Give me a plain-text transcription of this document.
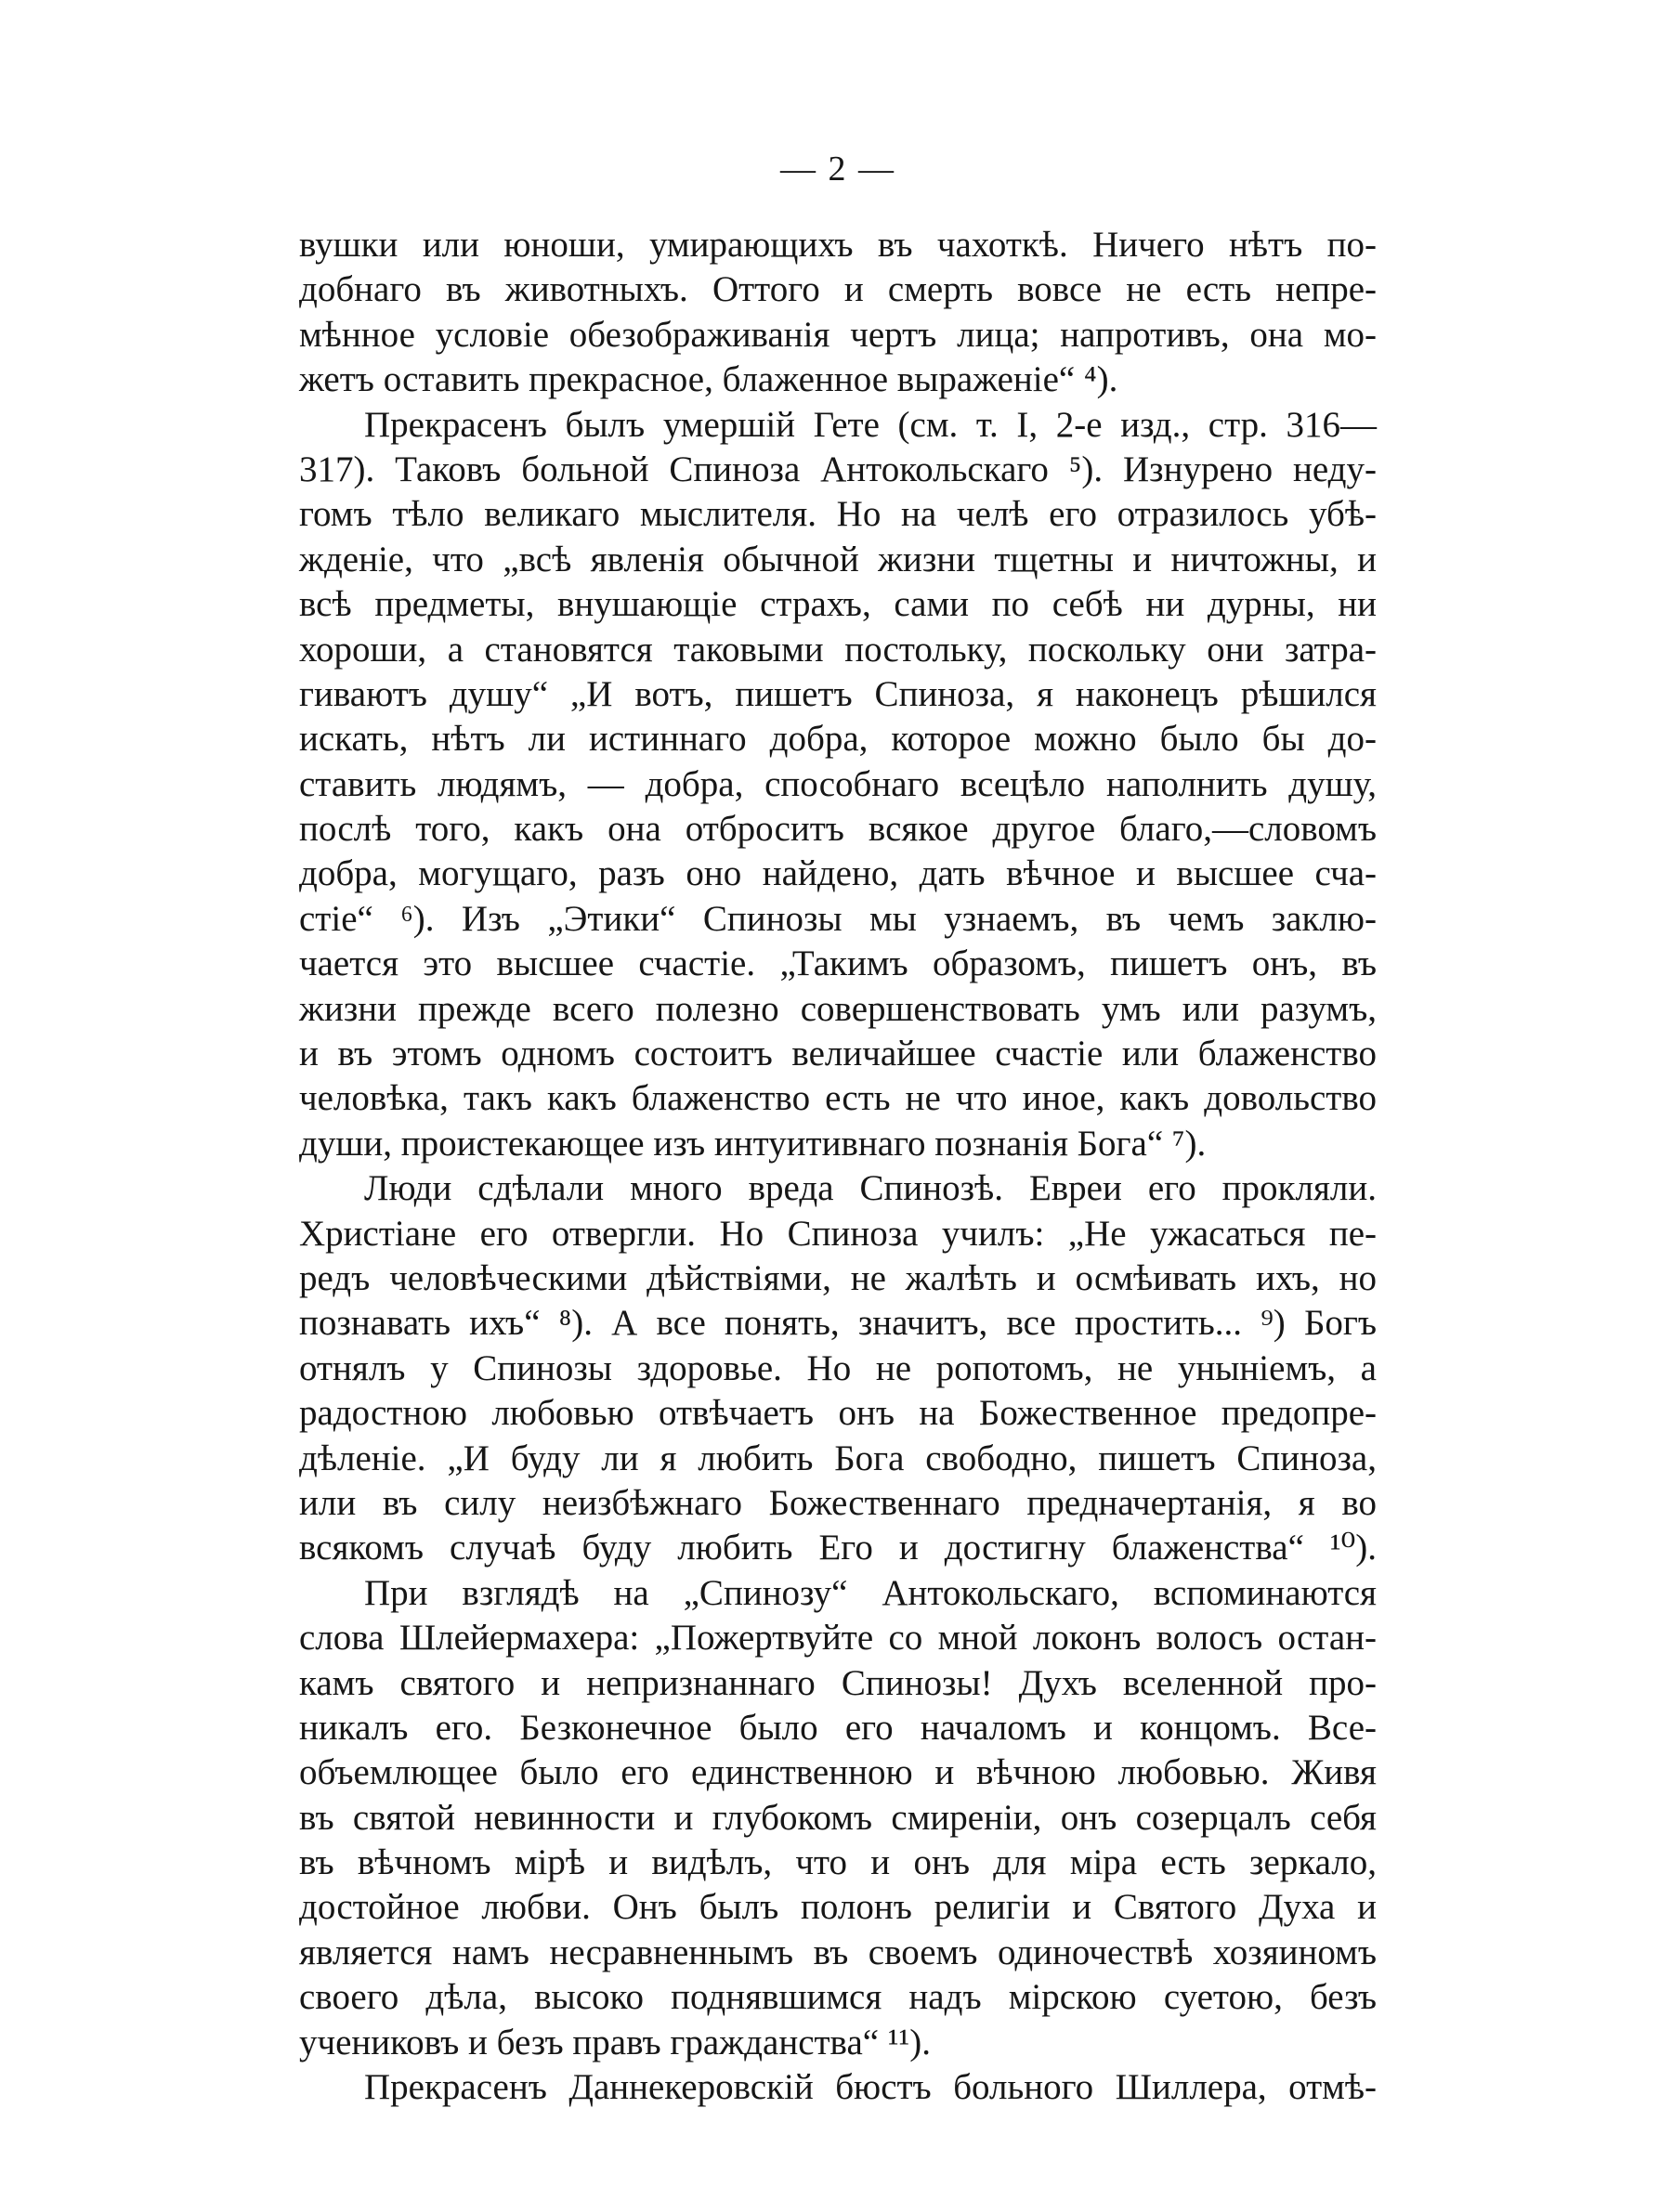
— 2 —
вушки или юноши, умирающихъ въ чахоткѣ. Ничего нѣтъ по-
добнаго въ животныхъ. Оттого и смерть вовсе не есть непре-
мѣнное условіе обезображиванія чертъ лица; напротивъ, она мо-
жетъ оставить прекрасное, блаженное выраженіе“ ⁴).
Прекрасенъ былъ умершій Гете (см. т. I, 2-е изд., стр. 316—
317). Таковъ больной Спиноза Антокольскаго ⁵). Изнурено неду-
гомъ тѣло великаго мыслителя. Но на челѣ его отразилось убѣ-
жденіе, что „всѣ явленія обычной жизни тщетны и ничтожны, и
всѣ предметы, внушающіе страхъ, сами по себѣ ни дурны, ни
хороши, а становятся таковыми постольку, поскольку они затра-
гиваютъ душу“ „И вотъ, пишетъ Спиноза, я наконецъ рѣшился
искать, нѣтъ ли истиннаго добра, которое можно было бы до-
ставить людямъ, — добра, способнаго всецѣло наполнить душу,
послѣ того, какъ она отброситъ всякое другое благо,—словомъ
добра, могущаго, разъ оно найдено, дать вѣчное и высшее сча-
стіе“ ⁶). Изъ „Этики“ Спинозы мы узнаемъ, въ чемъ заклю-
чается это высшее счастіе. „Такимъ образомъ, пишетъ онъ, въ
жизни прежде всего полезно совершенствовать умъ или разумъ,
и въ этомъ одномъ состоитъ величайшее счастіе или блаженство
человѣка, такъ какъ блаженство есть не что иное, какъ довольство
души, проистекающее изъ интуитивнаго познанія Бога“ ⁷).
Люди сдѣлали много вреда Спинозѣ. Евреи его прокляли.
Христіане его отвергли. Но Спиноза училъ: „Не ужасаться пе-
редъ человѣческими дѣйствіями, не жалѣть и осмѣивать ихъ, но
познавать ихъ“ ⁸). А все понять, значитъ, все простить... ⁹) Богъ
отнялъ у Спинозы здоровье. Но не ропотомъ, не уныніемъ, а
радостною любовью отвѣчаетъ онъ на Божественное предопре-
дѣленіе. „И буду ли я любить Бога свободно, пишетъ Спиноза,
или въ силу неизбѣжнаго Божественнаго предначертанія, я во
всякомъ случаѣ буду любить Его и достигну блаженства“ ¹⁰).
При взглядѣ на „Спинозу“ Антокольскаго, вспоминаются
слова Шлейермахера: „Пожертвуйте со мной локонъ волосъ остан-
камъ святого и непризнаннаго Спинозы! Духъ вселенной про-
никалъ его. Безконечное было его началомъ и концомъ. Все-
объемлющее было его единственною и вѣчною любовью. Живя
въ святой невинности и глубокомъ смиреніи, онъ созерцалъ себя
въ вѣчномъ мірѣ и видѣлъ, что и онъ для міра есть зеркало,
достойное любви. Онъ былъ полонъ религіи и Святого Духа и
является намъ несравненнымъ въ своемъ одиночествѣ хозяиномъ
своего дѣла, высоко поднявшимся надъ мірскою суетою, безъ
учениковъ и безъ правъ гражданства“ ¹¹).
Прекрасенъ Даннекеровскій бюстъ больного Шиллера, отмѣ-
